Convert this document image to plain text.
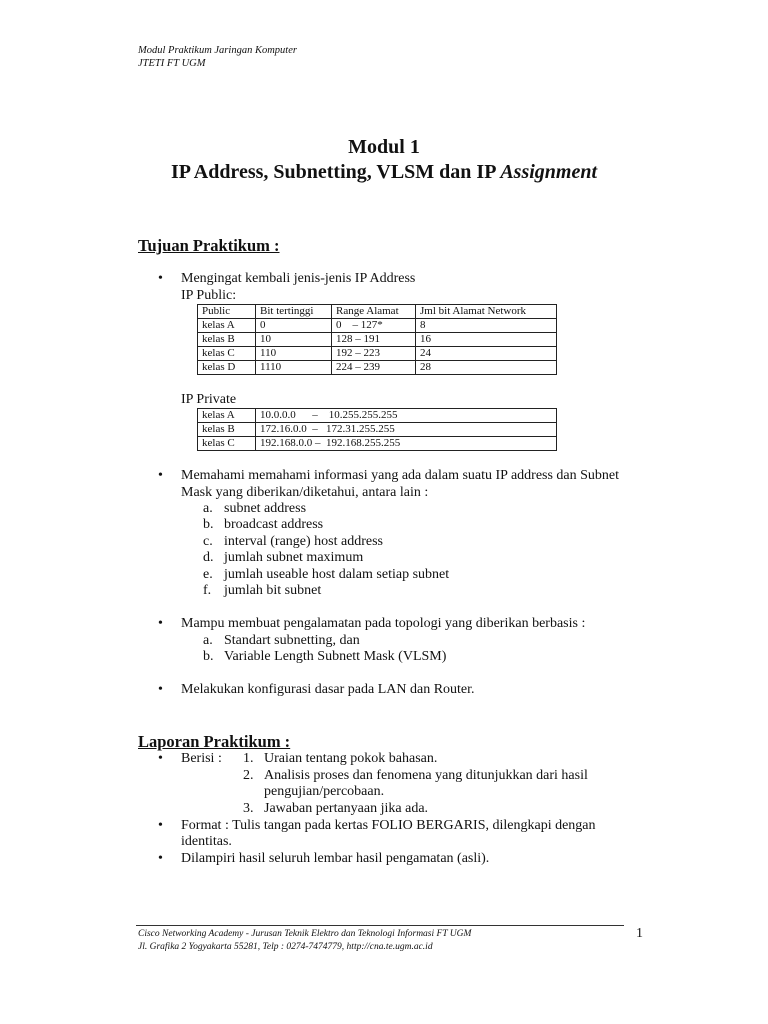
Modul Praktikum Jaringan Komputer
JTETI FT UGM
Modul 1
IP Address, Subnetting, VLSM dan IP Assignment
Tujuan Praktikum :
• Mengingat kembali jenis-jenis IP Address
IP Public:
Public	Bit tertinggi	Range Alamat	Jml bit Alamat Network
kelas A	0	0    – 127*	8
kelas B	10	128 – 191	16
kelas C	110	192 – 223	24
kelas D	1110	224 – 239	28
IP Private
kelas A	10.0.0.0      –    10.255.255.255
kelas B	172.16.0.0  –   172.31.255.255
kelas C	192.168.0.0 –  192.168.255.255
• Memahami memahami informasi yang ada dalam suatu IP address dan Subnet
Mask yang diberikan/diketahui, antara lain :
a. subnet address
b. broadcast address
c. interval (range) host address
d. jumlah subnet maximum
e. jumlah useable host dalam setiap subnet
f. jumlah bit subnet
• Mampu membuat pengalamatan pada topologi yang diberikan berbasis :
a. Standart subnetting, dan
b. Variable Length Subnett Mask (VLSM)
• Melakukan konfigurasi dasar pada LAN dan Router.
Laporan Praktikum :
• Berisi : 1. Uraian tentang pokok bahasan.
2. Analisis proses dan fenomena yang ditunjukkan dari hasil
pengujian/percobaan.
3. Jawaban pertanyaan jika ada.
• Format : Tulis tangan pada kertas FOLIO BERGARIS, dilengkapi dengan
identitas.
• Dilampiri hasil seluruh lembar hasil pengamatan (asli).
Cisco Networking Academy - Jurusan Teknik Elektro dan Teknologi Informasi FT UGM
Jl. Grafika 2 Yogyakarta 55281, Telp : 0274-7474779, http://cna.te.ugm.ac.id
1
